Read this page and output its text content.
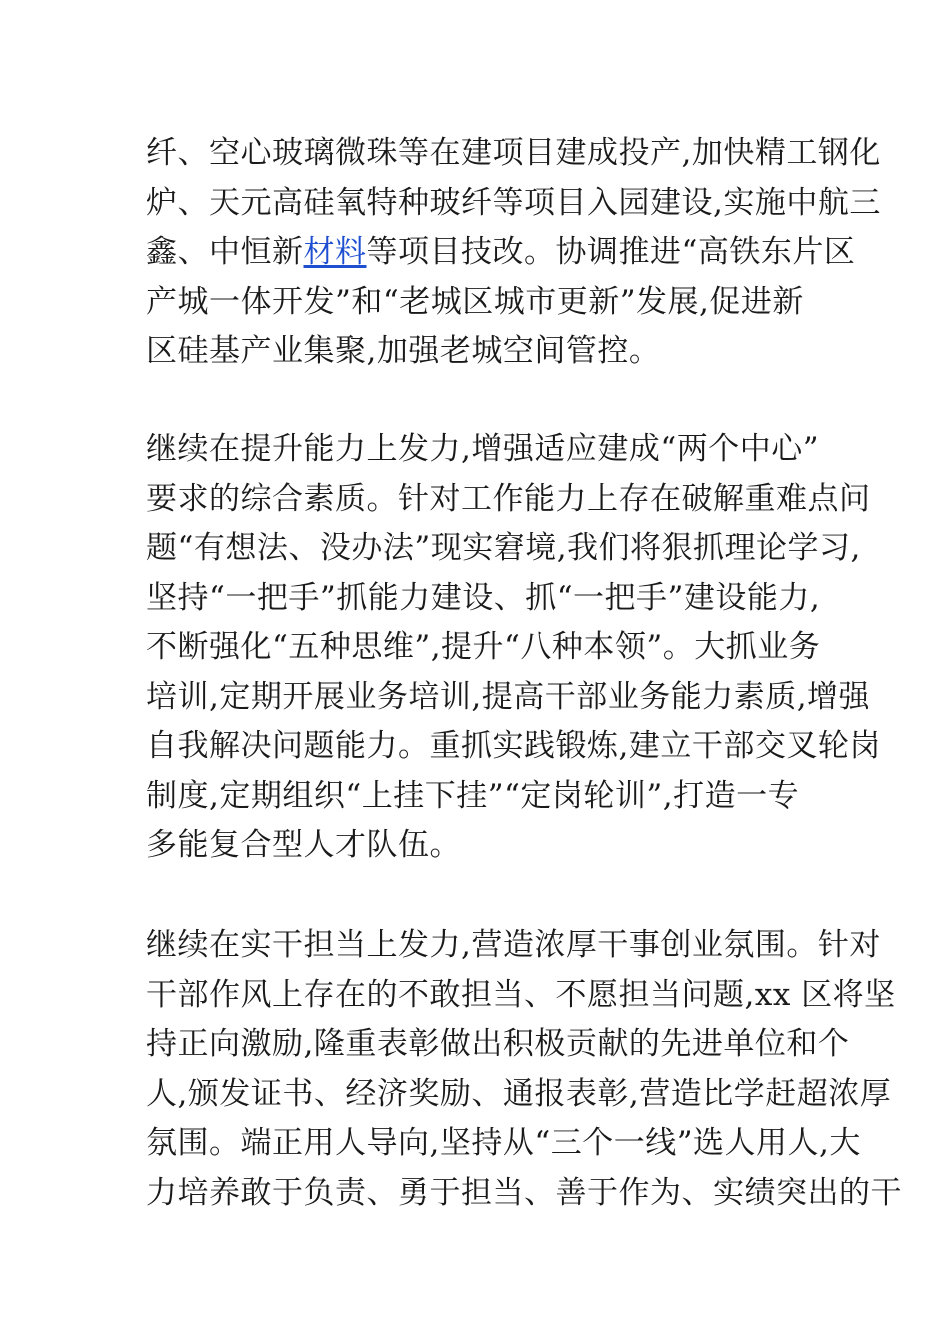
纤、空心玻璃微珠等在建项目建成投产,加快精工钢化
炉、天元高硅氧特种玻纤等项目入园建设,实施中航三
鑫、中恒新材料等项目技改。协调推进“高铁东片区
产城一体开发”和“老城区城市更新”发展,促进新
区硅基产业集聚,加强老城空间管控。

继续在提升能力上发力,增强适应建成“两个中心”
要求的综合素质。针对工作能力上存在破解重难点问
题“有想法、没办法”现实窘境,我们将狠抓理论学习,
坚持“一把手”抓能力建设、抓“一把手”建设能力,
不断强化“五种思维”,提升“八种本领”。大抓业务
培训,定期开展业务培训,提高干部业务能力素质,增强
自我解决问题能力。重抓实践锻炼,建立干部交叉轮岗
制度,定期组织“上挂下挂”“定岗轮训”,打造一专
多能复合型人才队伍。

继续在实干担当上发力,营造浓厚干事创业氛围。针对
干部作风上存在的不敢担当、不愿担当问题,xx 区将坚
持正向激励,隆重表彰做出积极贡献的先进单位和个
人,颁发证书、经济奖励、通报表彰,营造比学赶超浓厚
氛围。端正用人导向,坚持从“三个一线”选人用人,大
力培养敢于负责、勇于担当、善于作为、实绩突出的干
